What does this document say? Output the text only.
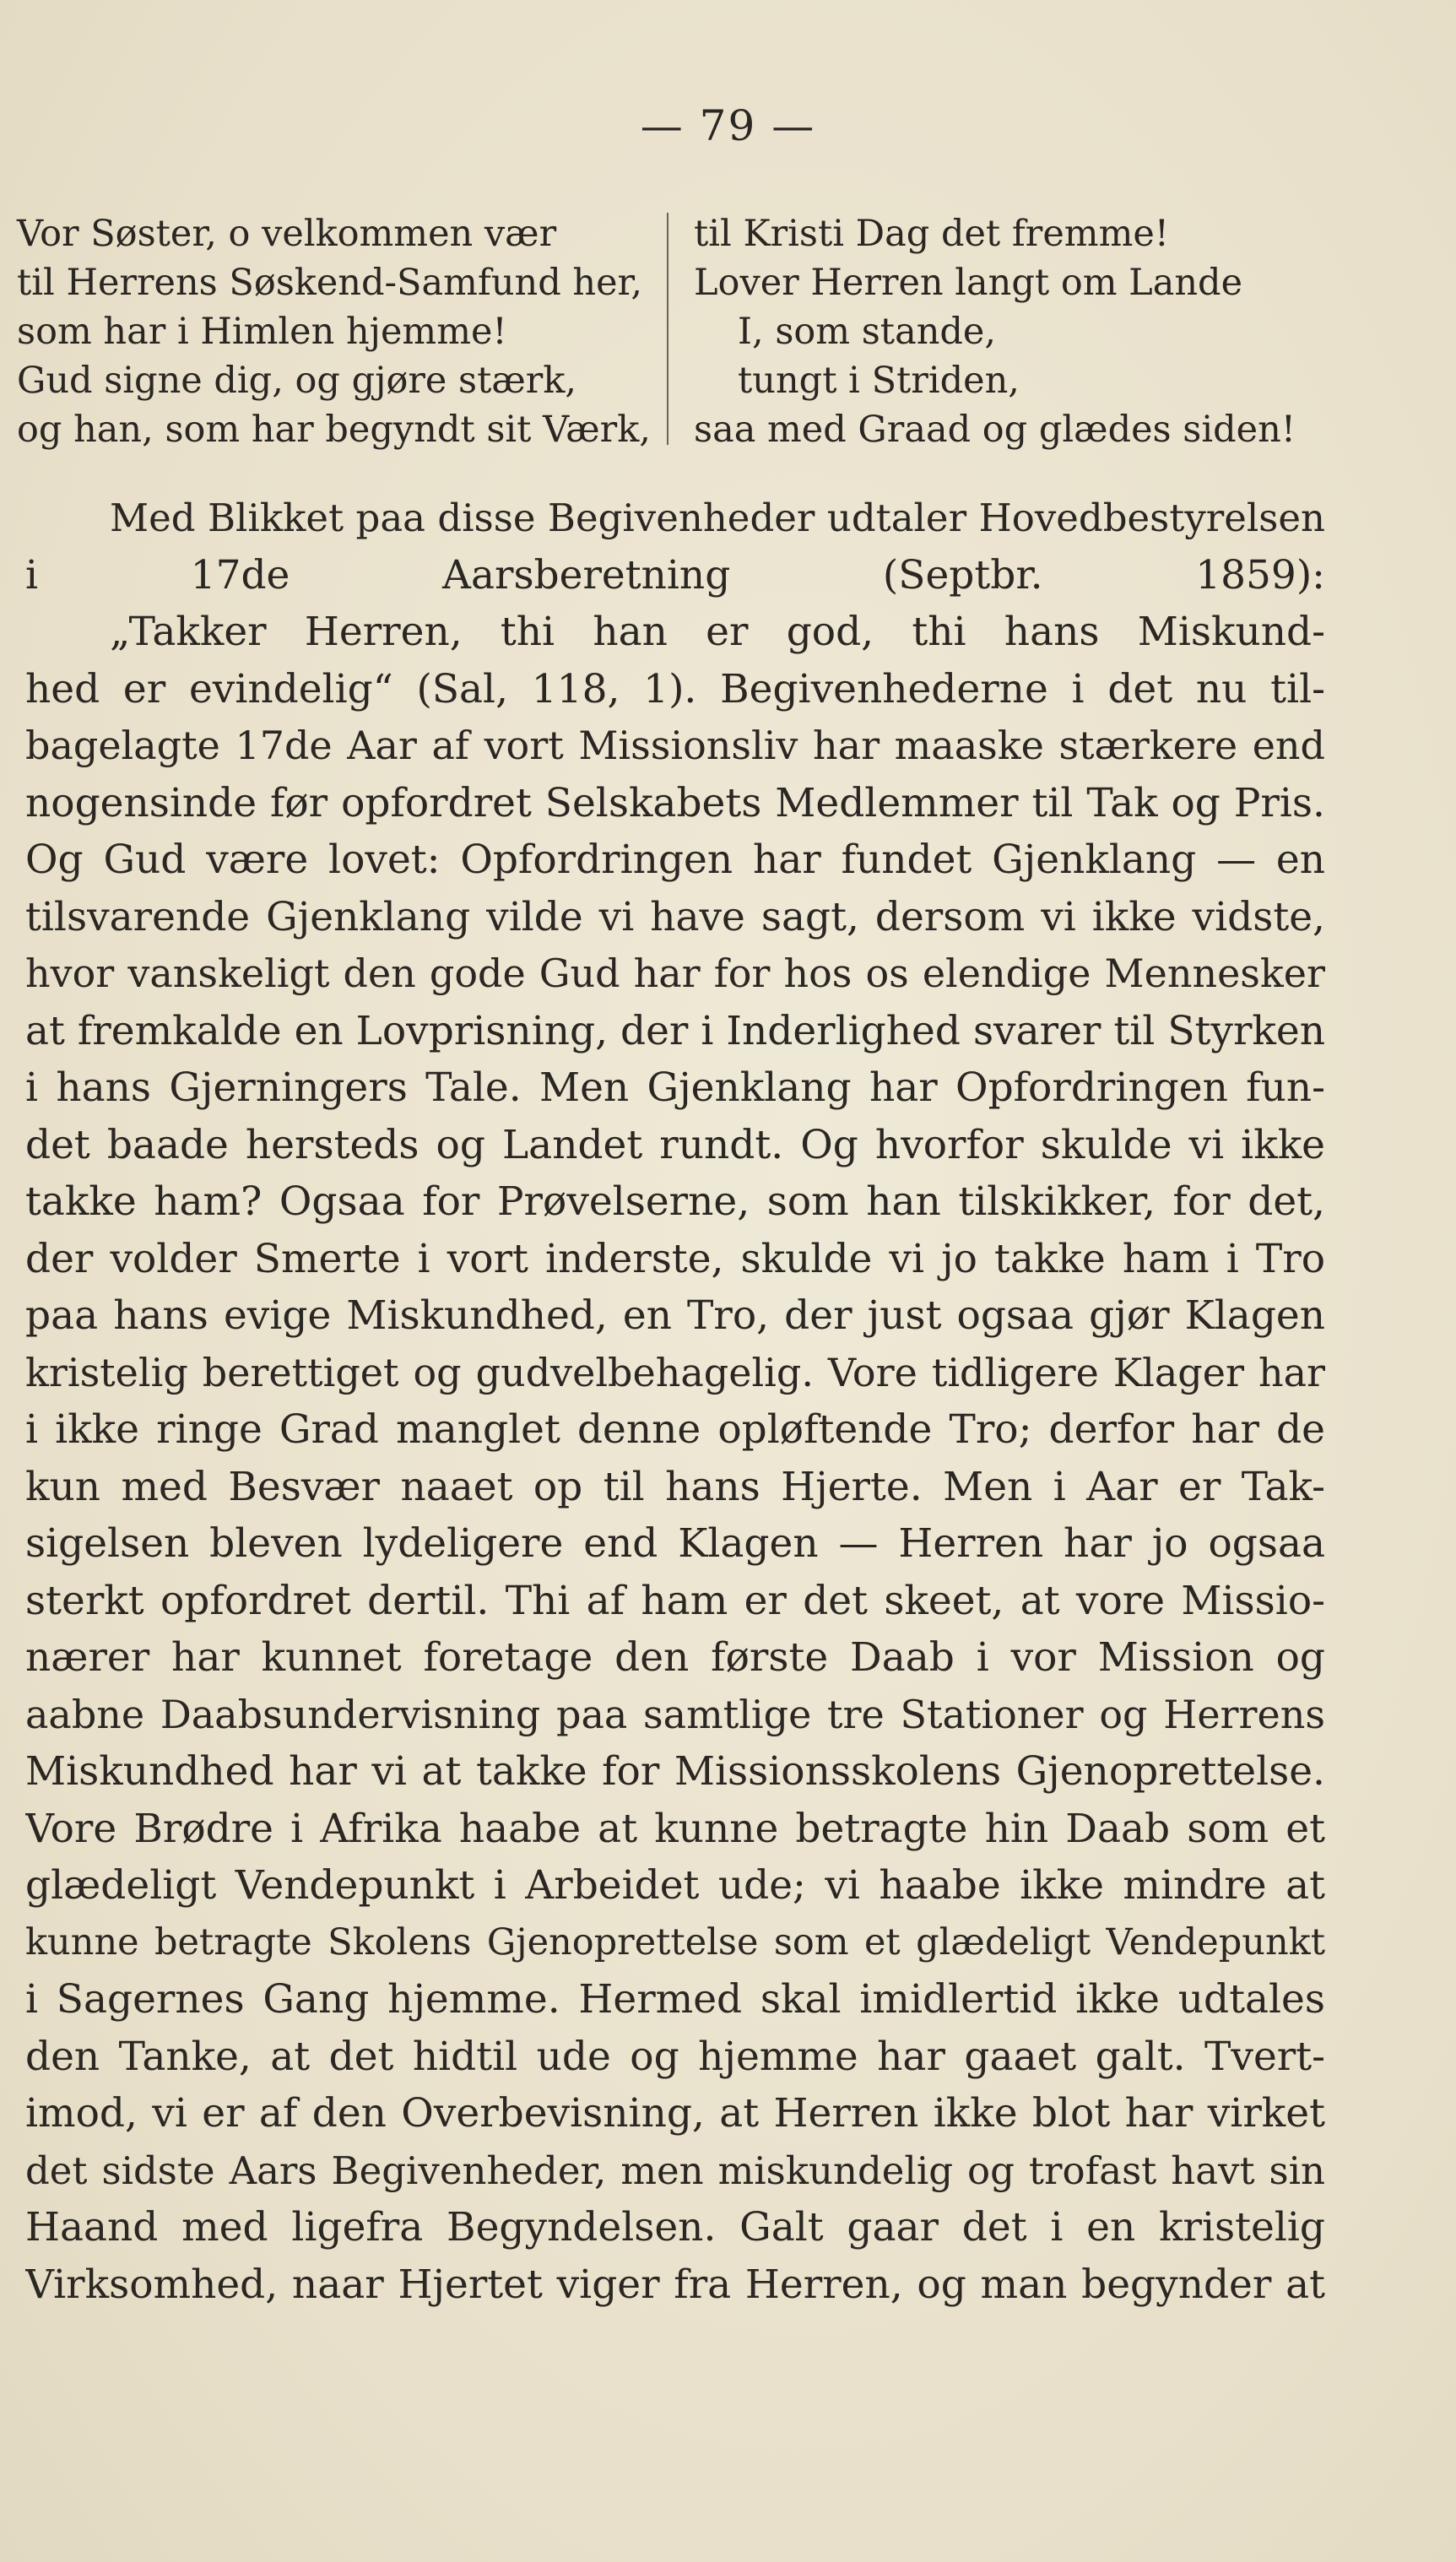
— 79 —
Vor Søster, o velkommen vær
til Herrens Søskend-Samfund her,
som har i Himlen hjemme!
Gud signe dig, og gjøre stærk,
og han, som har begyndt sit Værk,
til Kristi Dag det fremme!
Lover Herren langt om Lande
I, som stande,
tungt i Striden,
saa med Graad og glædes siden!
Med Blikket paa disse Begivenheder udtaler Hovedbestyrelsen
i 17de Aarsberetning (Septbr. 1859):
„Takker Herren, thi han er god, thi hans Miskund-
hed er evindelig“ (Sal, 118, 1). Begivenhederne i det nu til-
bagelagte 17de Aar af vort Missionsliv har maaske stærkere end
nogensinde før opfordret Selskabets Medlemmer til Tak og Pris.
Og Gud være lovet: Opfordringen har fundet Gjenklang — en
tilsvarende Gjenklang vilde vi have sagt, dersom vi ikke vidste,
hvor vanskeligt den gode Gud har for hos os elendige Mennesker
at fremkalde en Lovprisning, der i Inderlighed svarer til Styrken
i hans Gjerningers Tale. Men Gjenklang har Opfordringen fun-
det baade hersteds og Landet rundt. Og hvorfor skulde vi ikke
takke ham? Ogsaa for Prøvelserne, som han tilskikker, for det,
der volder Smerte i vort inderste, skulde vi jo takke ham i Tro
paa hans evige Miskundhed, en Tro, der just ogsaa gjør Klagen
kristelig berettiget og gudvelbehagelig. Vore tidligere Klager har
i ikke ringe Grad manglet denne opløftende Tro; derfor har de
kun med Besvær naaet op til hans Hjerte. Men i Aar er Tak-
sigelsen bleven lydeligere end Klagen — Herren har jo ogsaa
sterkt opfordret dertil. Thi af ham er det skeet, at vore Missio-
nærer har kunnet foretage den første Daab i vor Mission og
aabne Daabsundervisning paa samtlige tre Stationer og Herrens
Miskundhed har vi at takke for Missionsskolens Gjenoprettelse.
Vore Brødre i Afrika haabe at kunne betragte hin Daab som et
glædeligt Vendepunkt i Arbeidet ude; vi haabe ikke mindre at
kunne betragte Skolens Gjenoprettelse som et glædeligt Vendepunkt
i Sagernes Gang hjemme. Hermed skal imidlertid ikke udtales
den Tanke, at det hidtil ude og hjemme har gaaet galt. Tvert-
imod, vi er af den Overbevisning, at Herren ikke blot har virket
det sidste Aars Begivenheder, men miskundelig og trofast havt sin
Haand med ligefra Begyndelsen. Galt gaar det i en kristelig
Virksomhed, naar Hjertet viger fra Herren, og man begynder at
